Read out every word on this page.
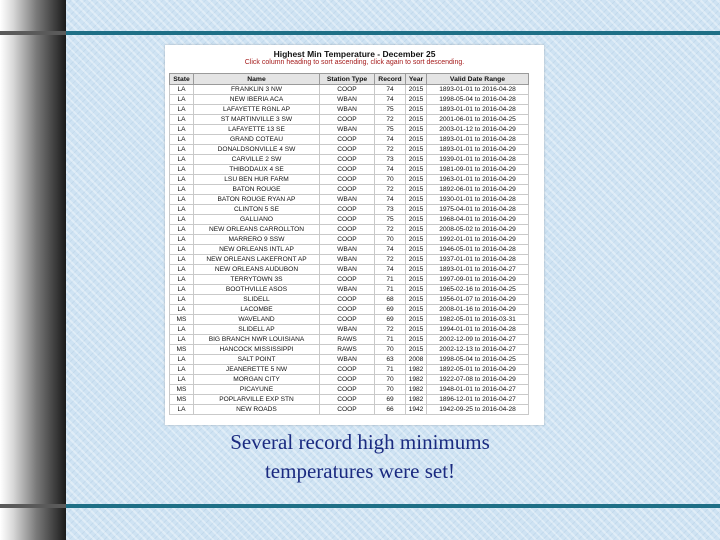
Highest Min Temperature - December 25
Click column heading to sort ascending, click again to sort descending.
State	Name	Station Type	Record	Year	Valid Date Range
LA	FRANKLIN 3 NW	COOP	74	2015	1893-01-01 to 2016-04-28
LA	NEW IBERIA ACA	WBAN	74	2015	1998-05-04 to 2016-04-28
LA	LAFAYETTE RGNL AP	WBAN	75	2015	1893-01-01 to 2016-04-28
LA	ST MARTINVILLE 3 SW	COOP	72	2015	2001-06-01 to 2016-04-25
LA	LAFAYETTE 13 SE	WBAN	75	2015	2003-01-12 to 2016-04-29
LA	GRAND COTEAU	COOP	74	2015	1893-01-01 to 2016-04-28
LA	DONALDSONVILLE 4 SW	COOP	72	2015	1893-01-01 to 2016-04-29
LA	CARVILLE 2 SW	COOP	73	2015	1939-01-01 to 2016-04-28
LA	THIBODAUX 4 SE	COOP	74	2015	1981-09-01 to 2016-04-29
LA	LSU BEN HUR FARM	COOP	70	2015	1963-01-01 to 2016-04-29
LA	BATON ROUGE	COOP	72	2015	1892-06-01 to 2016-04-29
LA	BATON ROUGE RYAN AP	WBAN	74	2015	1930-01-01 to 2016-04-28
LA	CLINTON 5 SE	COOP	73	2015	1975-04-01 to 2016-04-28
LA	GALLIANO	COOP	75	2015	1968-04-01 to 2016-04-29
LA	NEW ORLEANS CARROLLTON	COOP	72	2015	2008-05-02 to 2016-04-29
LA	MARRERO 9 SSW	COOP	70	2015	1992-01-01 to 2016-04-29
LA	NEW ORLEANS INTL AP	WBAN	74	2015	1946-05-01 to 2016-04-28
LA	NEW ORLEANS LAKEFRONT AP	WBAN	72	2015	1937-01-01 to 2016-04-28
LA	NEW ORLEANS AUDUBON	WBAN	74	2015	1893-01-01 to 2016-04-27
LA	TERRYTOWN 3S	COOP	71	2015	1997-09-01 to 2016-04-29
LA	BOOTHVILLE ASOS	WBAN	71	2015	1965-02-16 to 2016-04-25
LA	SLIDELL	COOP	68	2015	1956-01-07 to 2016-04-29
LA	LACOMBE	COOP	69	2015	2008-01-16 to 2016-04-29
MS	WAVELAND	COOP	69	2015	1982-05-01 to 2016-03-31
LA	SLIDELL AP	WBAN	72	2015	1994-01-01 to 2016-04-28
LA	BIG BRANCH NWR LOUISIANA	RAWS	71	2015	2002-12-09 to 2016-04-27
MS	HANCOCK MISSISSIPPI	RAWS	70	2015	2002-12-13 to 2016-04-27
LA	SALT POINT	WBAN	63	2008	1998-05-04 to 2016-04-25
LA	JEANERETTE 5 NW	COOP	71	1982	1892-05-01 to 2016-04-29
LA	MORGAN CITY	COOP	70	1982	1922-07-08 to 2016-04-29
MS	PICAYUNE	COOP	70	1982	1948-01-01 to 2016-04-27
MS	POPLARVILLE EXP STN	COOP	69	1982	1896-12-01 to 2016-04-27
LA	NEW ROADS	COOP	66	1942	1942-09-25 to 2016-04-28
Several record high minimums temperatures were set!
